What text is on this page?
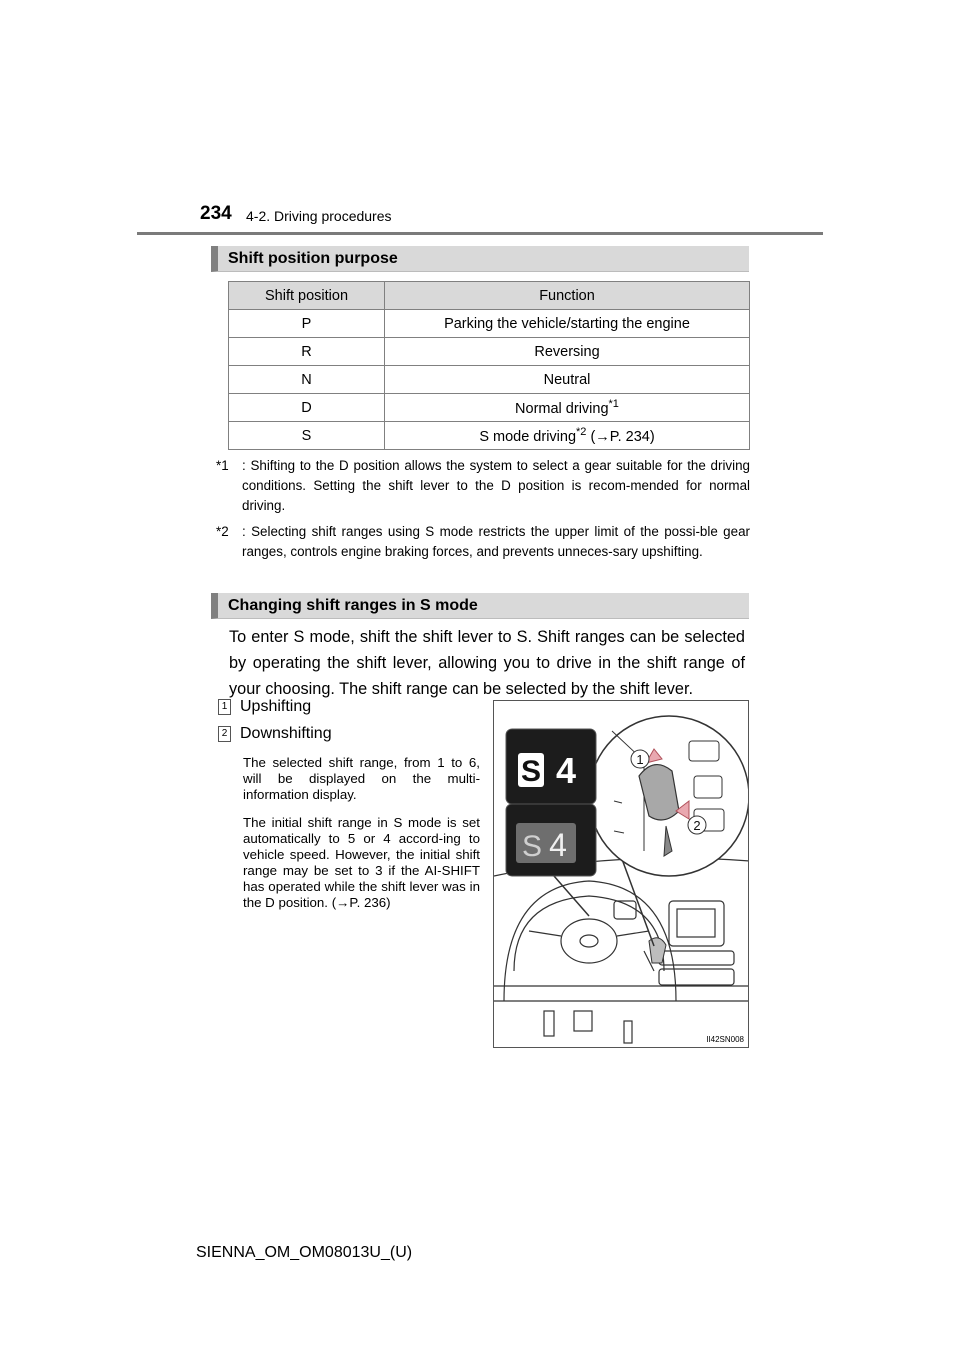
234 4-2. Driving procedures
Shift position purpose
Shift position	Function
P	Parking the vehicle/starting the engine
R	Reversing
N	Neutral
D	Normal driving$^{*1}$
S	S mode driving$^{*2}$ (→P. 234)
*1 : Shifting to the D position allows the system to select a gear suitable for the driving conditions. Setting the shift lever to the D position is recom-mended for normal driving.
*2 : Selecting shift ranges using S mode restricts the upper limit of the possi-ble gear ranges, controls engine braking forces, and prevents unneces-sary upshifting.
Changing shift ranges in S mode
To enter S mode, shift the shift lever to S. Shift ranges can be selected by operating the shift lever, allowing you to drive in the shift range of your choosing. The shift range can be selected by the shift lever.
1 Upshifting
2 Downshifting
The selected shift range, from 1 to 6, will be displayed on the multi-information display.
The initial shift range in S mode is set automatically to 5 or 4 accord-ing to vehicle speed. However, the initial shift range may be set to 3 if the AI-SHIFT has operated while the shift lever was in the D position. (→P. 236)
S 4
S 4
1
2
II42SN008
SIENNA_OM_OM08013U_(U)
